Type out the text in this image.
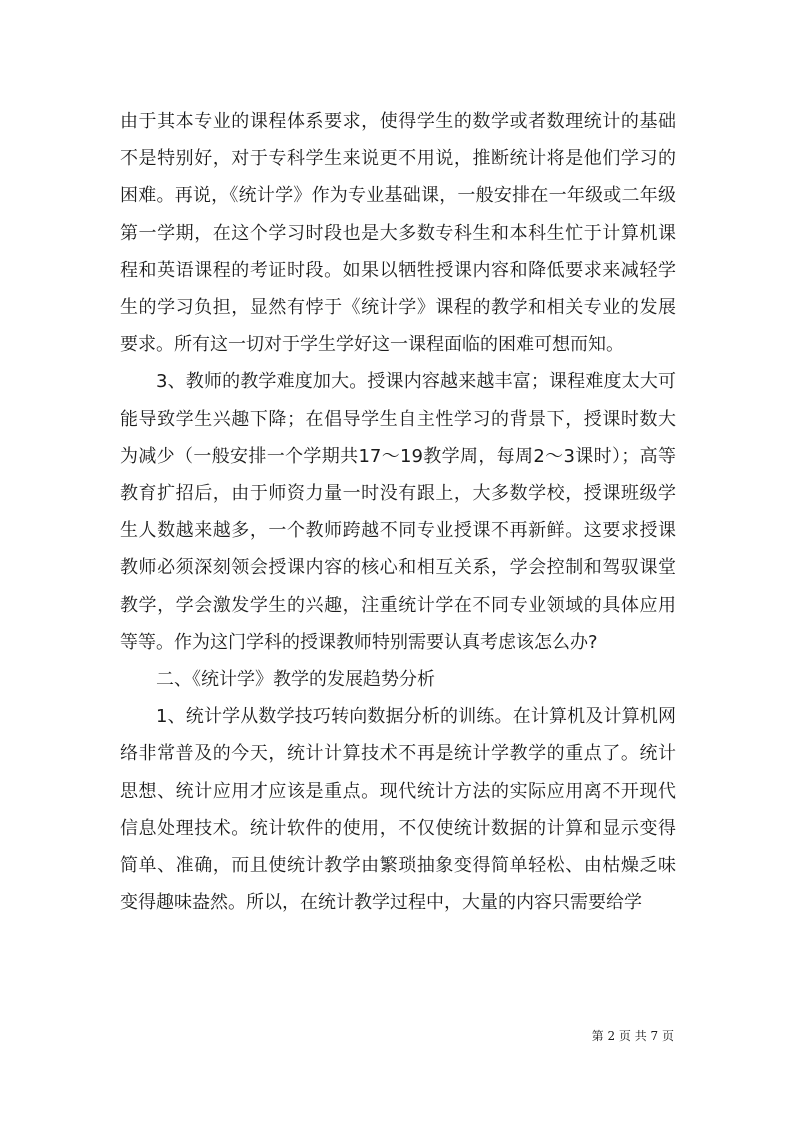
由于其本专业的课程体系要求，使得学生的数学或者数理统计的基础不是特别好，对于专科学生来说更不用说，推断统计将是他们学习的困难。再说，《统计学》作为专业基础课，一般安排在一年级或二年级第一学期，在这个学习时段也是大多数专科生和本科生忙于计算机课程和英语课程的考证时段。如果以牺牲授课内容和降低要求来减轻学生的学习负担，显然有悖于《统计学》课程的教学和相关专业的发展要求。所有这一切对于学生学好这一课程面临的困难可想而知。

3、教师的教学难度加大。授课内容越来越丰富；课程难度太大可能导致学生兴趣下降；在倡导学生自主性学习的背景下，授课时数大为减少（一般安排一个学期共17～19教学周，每周2～3课时）；高等教育扩招后，由于师资力量一时没有跟上，大多数学校，授课班级学生人数越来越多，一个教师跨越不同专业授课不再新鲜。这要求授课教师必须深刻领会授课内容的核心和相互关系，学会控制和驾驭课堂教学，学会激发学生的兴趣，注重统计学在不同专业领域的具体应用等等。作为这门学科的授课教师特别需要认真考虑该怎么办?

二、《统计学》教学的发展趋势分析

1、统计学从数学技巧转向数据分析的训练。在计算机及计算机网络非常普及的今天，统计计算技术不再是统计学教学的重点了。统计思想、统计应用才应该是重点。现代统计方法的实际应用离不开现代信息处理技术。统计软件的使用，不仅使统计数据的计算和显示变得简单、准确，而且使统计教学由繁琐抽象变得简单轻松、由枯燥乏味变得趣味盎然。所以，在统计教学过程中，大量的内容只需要给学

第 2 页 共 7 页
